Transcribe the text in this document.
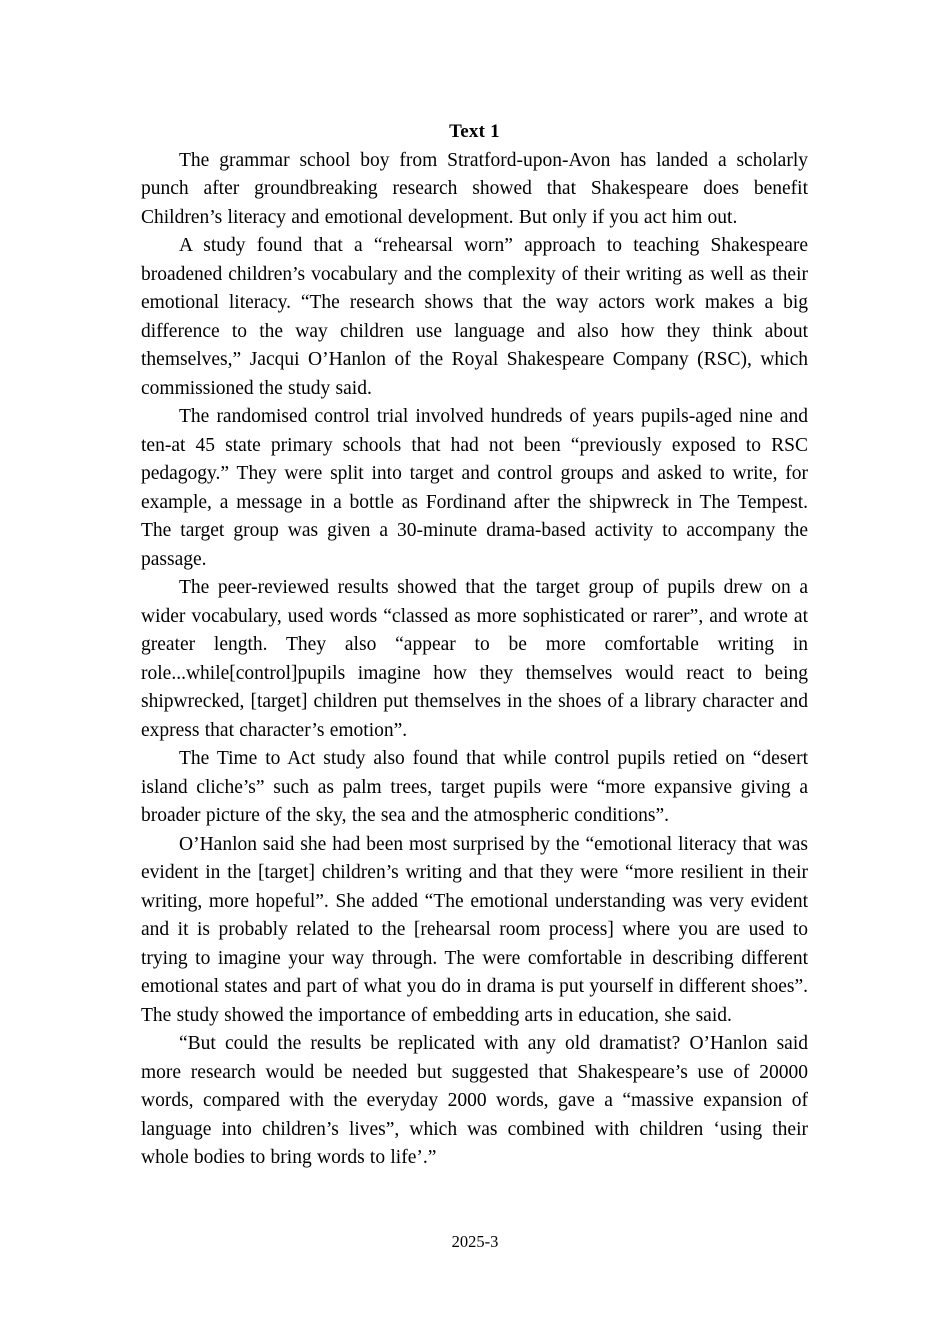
Text 1

The grammar school boy from Stratford-upon-Avon has landed a scholarly punch after groundbreaking research showed that Shakespeare does benefit Children’s literacy and emotional development. But only if you act him out.

A study found that a “rehearsal worn” approach to teaching Shakespeare broadened children’s vocabulary and the complexity of their writing as well as their emotional literacy. “The research shows that the way actors work makes a big difference to the way children use language and also how they think about themselves,” Jacqui O’Hanlon of the Royal Shakespeare Company (RSC), which commissioned the study said.

The randomised control trial involved hundreds of years pupils-aged nine and ten-at 45 state primary schools that had not been “previously exposed to RSC pedagogy.” They were split into target and control groups and asked to write, for example, a message in a bottle as Fordinand after the shipwreck in The Tempest. The target group was given a 30-minute drama-based activity to accompany the passage.

The peer-reviewed results showed that the target group of pupils drew on a wider vocabulary, used words “classed as more sophisticated or rarer”, and wrote at greater length. They also “appear to be more comfortable writing in role...while[control]pupils imagine how they themselves would react to being shipwrecked, [target] children put themselves in the shoes of a library character and express that character’s emotion”.

The Time to Act study also found that while control pupils retied on “desert island cliche’s” such as palm trees, target pupils were “more expansive giving a broader picture of the sky, the sea and the atmospheric conditions”.

O’Hanlon said she had been most surprised by the “emotional literacy that was evident in the [target] children’s writing and that they were “more resilient in their writing, more hopeful”. She added “The emotional understanding was very evident and it is probably related to the [rehearsal room process] where you are used to trying to imagine your way through. The were comfortable in describing different emotional states and part of what you do in drama is put yourself in different shoes”. The study showed the importance of embedding arts in education, she said.

“But could the results be replicated with any old dramatist? O’Hanlon said more research would be needed but suggested that Shakespeare’s use of 20000 words, compared with the everyday 2000 words, gave a “massive expansion of language into children’s lives”, which was combined with children ‘using their whole bodies to bring words to life’.”

2025-3
